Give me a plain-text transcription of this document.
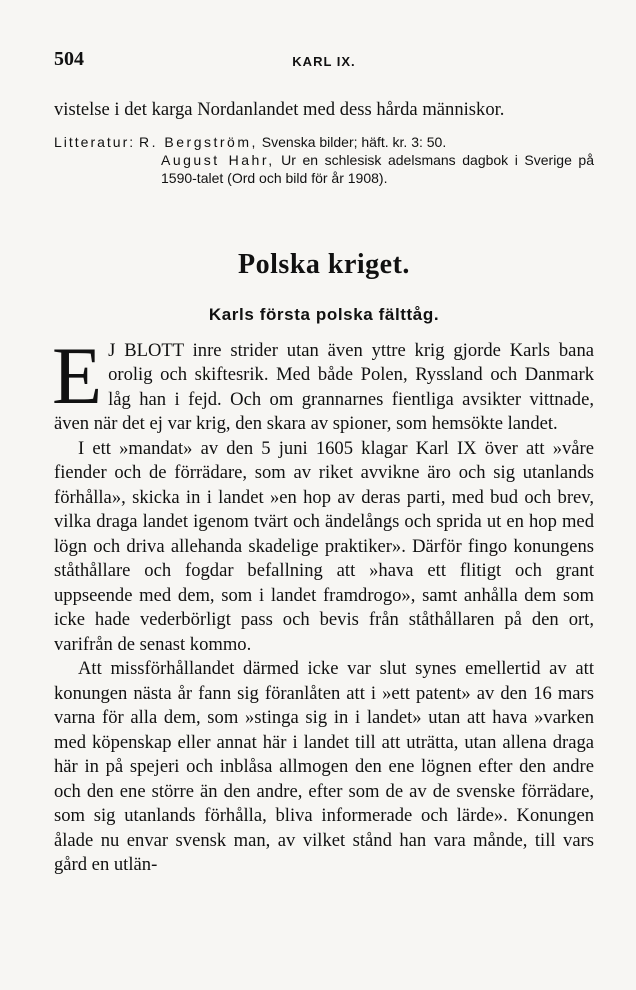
504	KARL IX.

vistelse i det karga Nordanlandet med dess hårda människor.

Litteratur: R. Bergström, Svenska bilder; häft. kr. 3: 50.
August Hahr, Ur en schlesisk adelsmans dagbok i Sverige på 1590-talet (Ord och bild för år 1908).
Polska kriget.
Karls första polska fälttåg.

E J BLOTT inre strider utan även yttre krig gjorde Karls bana orolig och skiftesrik. Med både Polen, Ryssland och Danmark låg han i fejd. Och om grannarnes fientliga avsikter vittnade, även när det ej var krig, den skara av spioner, som hemsökte landet.

I ett »mandat» av den 5 juni 1605 klagar Karl IX över att »våre fiender och de förrädare, som av riket avvikne äro och sig utanlands förhålla», skicka in i landet »en hop av deras parti, med bud och brev, vilka draga landet igenom tvärt och ändelångs och sprida ut en hop med lögn och driva allehanda skadelige praktiker». Därför fingo konungens ståthållare och fogdar befallning att »hava ett flitigt och grant uppseende med dem, som i landet framdrogo», samt anhålla dem som icke hade vederbörligt pass och bevis från ståthållaren på den ort, varifrån de senast kommo.

Att missförhållandet därmed icke var slut synes emellertid av att konungen nästa år fann sig föranlåten att i »ett patent» av den 16 mars varna för alla dem, som »stinga sig in i landet» utan att hava »varken med köpenskap eller annat här i landet till att uträtta, utan allena draga här in på spejeri och inblåsa allmogen den ene lögnen efter den andre och den ene större än den andre, efter som de av de svenske förrädare, som sig utanlands förhålla, bliva informerade och lärde». Konungen ålade nu envar svensk man, av vilket stånd han vara månde, till vars gård en utlän-
